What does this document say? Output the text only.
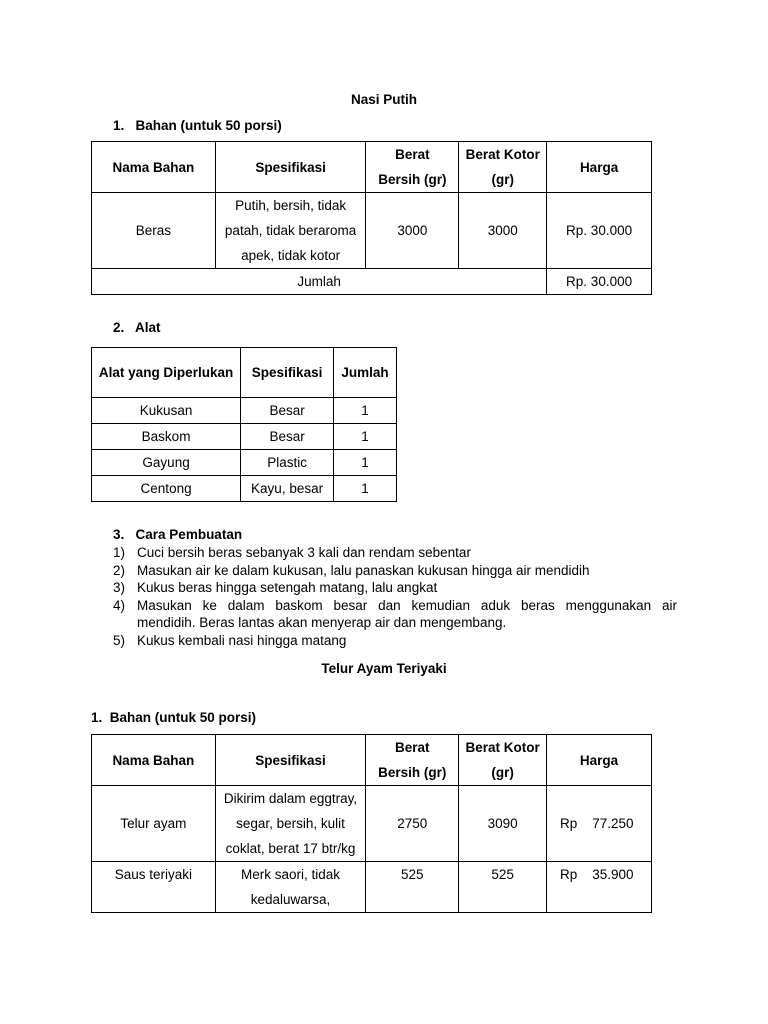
Nasi Putih
1. Bahan (untuk 50 porsi)
Nama Bahan	Spesifikasi	Berat Bersih (gr)	Berat Kotor (gr)	Harga
Beras	Putih, bersih, tidak patah, tidak beraroma apek, tidak kotor	3000	3000	Rp. 30.000
Jumlah				Rp. 30.000
2. Alat
Alat yang Diperlukan	Spesifikasi	Jumlah
Kukusan	Besar	1
Baskom	Besar	1
Gayung	Plastic	1
Centong	Kayu, besar	1
3. Cara Pembuatan
1) Cuci bersih beras sebanyak 3 kali dan rendam sebentar
2) Masukan air ke dalam kukusan, lalu panaskan kukusan hingga air mendidih
3) Kukus beras hingga setengah matang, lalu angkat
4) Masukan ke dalam baskom besar dan kemudian aduk beras menggunakan air
mendidih. Beras lantas akan menyerap air dan mengembang.
5) Kukus kembali nasi hingga matang
Telur Ayam Teriyaki
1. Bahan (untuk 50 porsi)
Nama Bahan	Spesifikasi	Berat Bersih (gr)	Berat Kotor (gr)	Harga
Telur ayam	Dikirim dalam eggtray, segar, bersih, kulit coklat, berat 17 btr/kg	2750	3090	Rp    77.250
Saus teriyaki	Merk saori, tidak kedaluwarsa,	525	525	Rp    35.900
